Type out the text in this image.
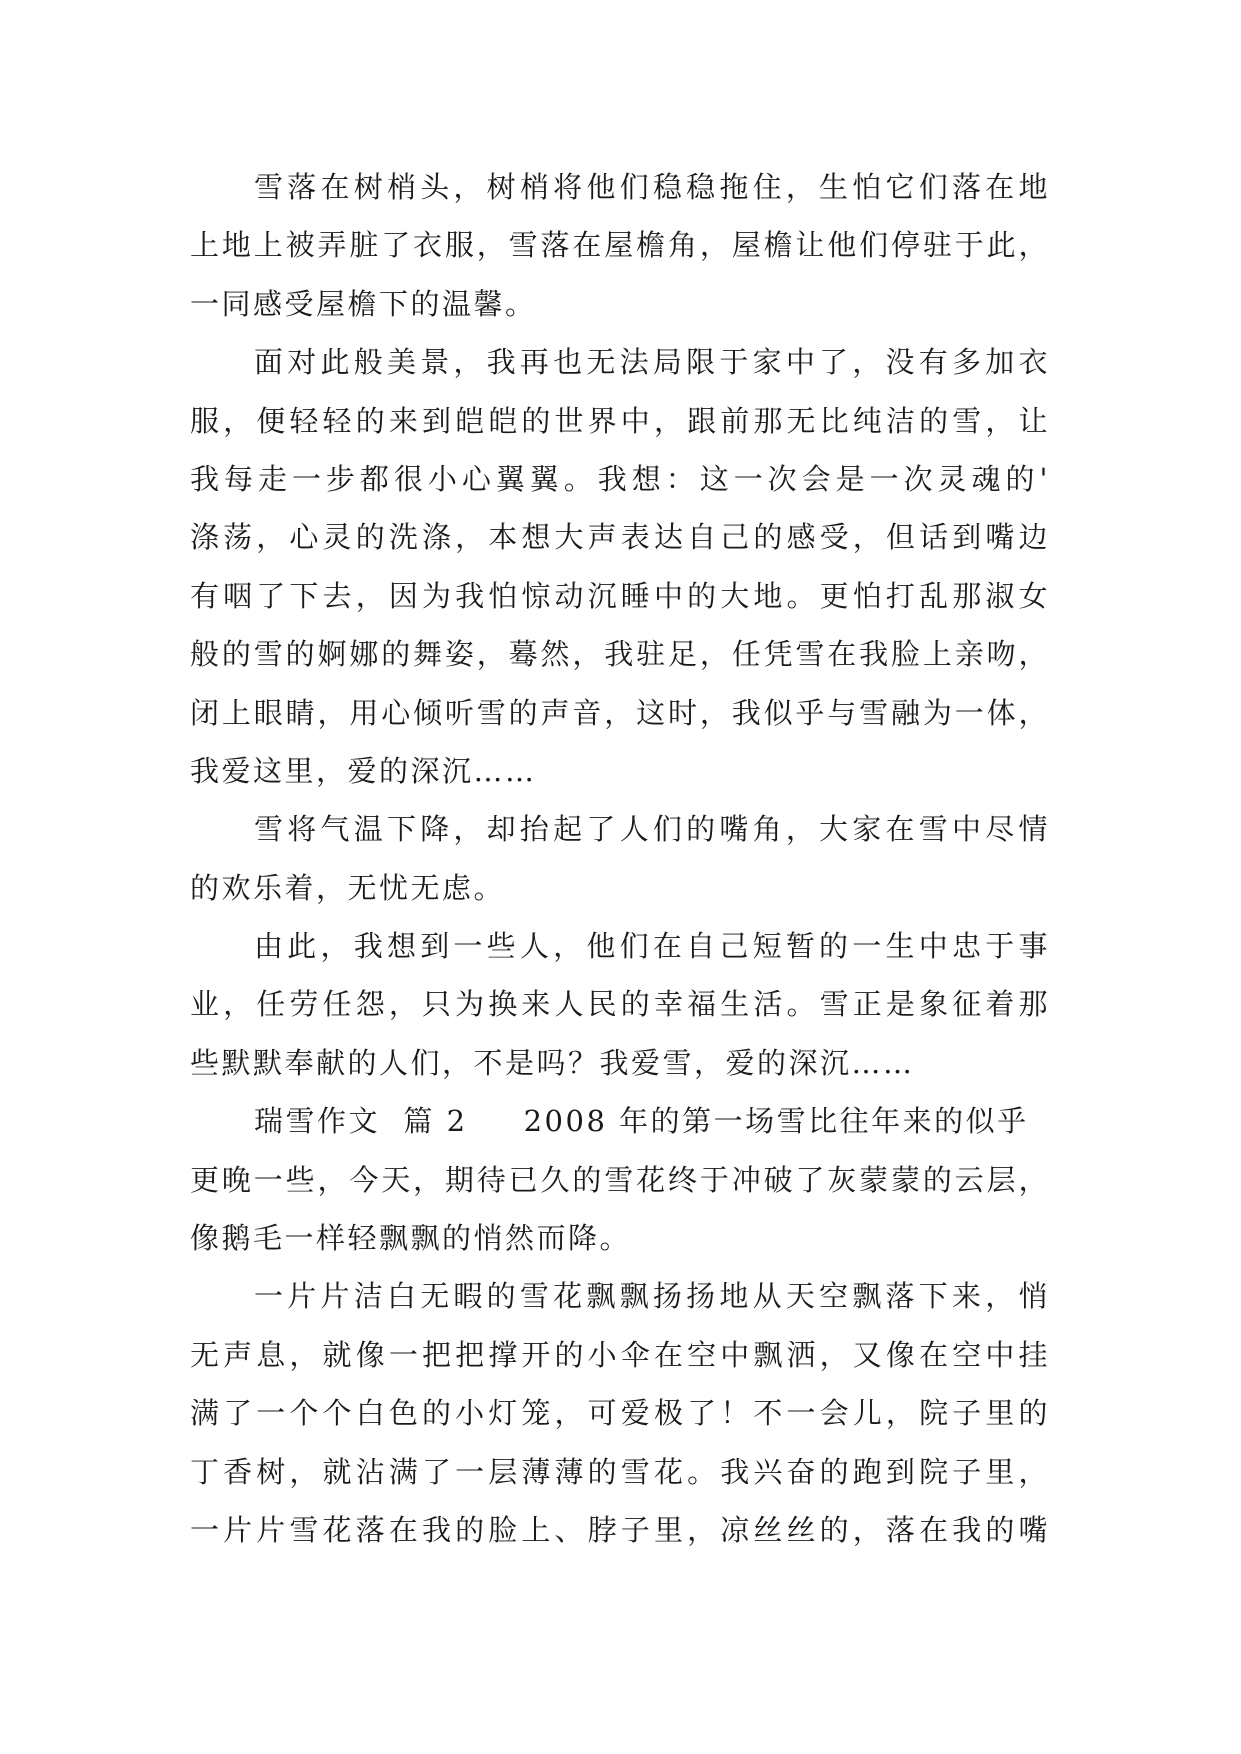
雪落在树梢头，树梢将他们稳稳拖住，生怕它们落在地
上地上被弄脏了衣服，雪落在屋檐角，屋檐让他们停驻于此，
一同感受屋檐下的温馨。
面对此般美景，我再也无法局限于家中了，没有多加衣
服，便轻轻的来到皑皑的世界中，跟前那无比纯洁的雪，让
我每走一步都很小心翼翼。我想：这一次会是一次灵魂的'
涤荡，心灵的洗涤，本想大声表达自己的感受，但话到嘴边
有咽了下去，因为我怕惊动沉睡中的大地。更怕打乱那淑女
般的雪的婀娜的舞姿，蓦然，我驻足，任凭雪在我脸上亲吻，
闭上眼睛，用心倾听雪的声音，这时，我似乎与雪融为一体，
我爱这里，爱的深沉……
雪将气温下降，却抬起了人们的嘴角，大家在雪中尽情
的欢乐着，无忧无虑。
由此，我想到一些人，他们在自己短暂的一生中忠于事
业，任劳任怨，只为换来人民的幸福生活。雪正是象征着那
些默默奉献的人们，不是吗？我爱雪，爱的深沉……
瑞雪作文  篇 2 2008 年的第一场雪比往年来的似乎
更晚一些，今天，期待已久的雪花终于冲破了灰蒙蒙的云层，
像鹅毛一样轻飘飘的悄然而降。
一片片洁白无暇的雪花飘飘扬扬地从天空飘落下来，悄
无声息，就像一把把撑开的小伞在空中飘洒，又像在空中挂
满了一个个白色的小灯笼，可爱极了！不一会儿，院子里的
丁香树，就沾满了一层薄薄的雪花。我兴奋的跑到院子里，
一片片雪花落在我的脸上、脖子里，凉丝丝的，落在我的嘴
